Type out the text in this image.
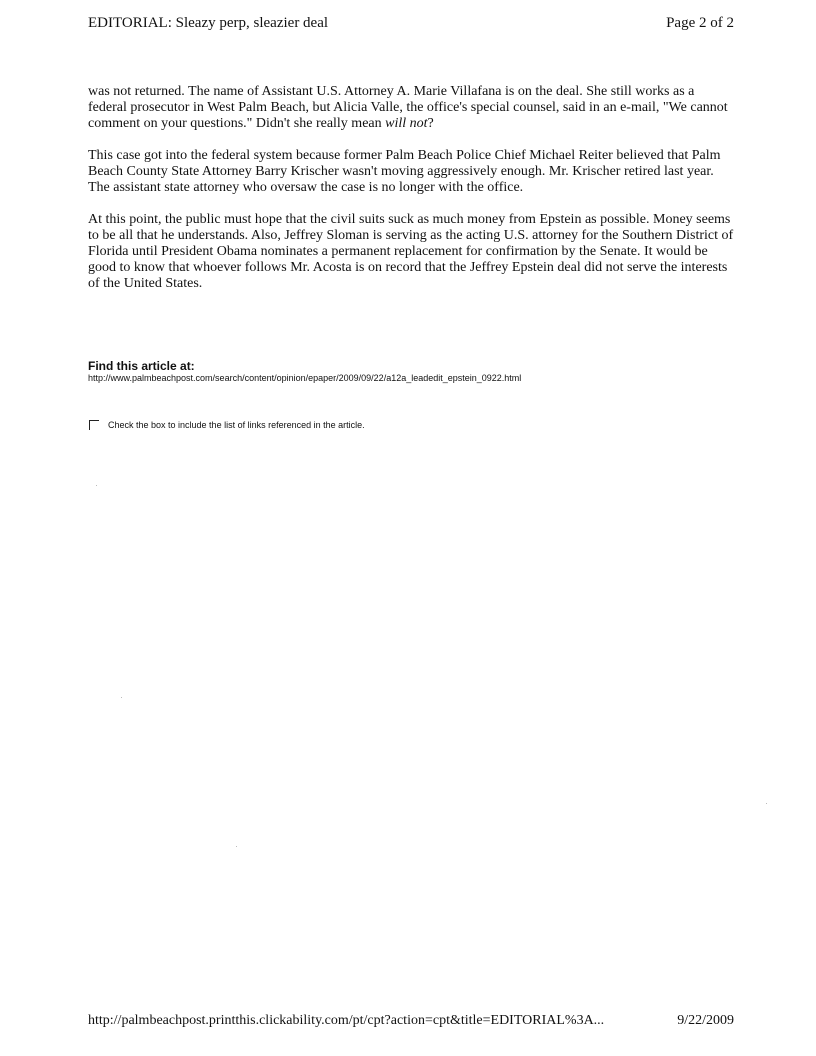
EDITORIAL: Sleazy perp, sleazier deal	Page 2 of 2

was not returned. The name of Assistant U.S. Attorney A. Marie Villafana is on the deal. She still works as a federal prosecutor in West Palm Beach, but Alicia Valle, the office's special counsel, said in an e-mail, "We cannot comment on your questions." Didn't she really mean will not?

This case got into the federal system because former Palm Beach Police Chief Michael Reiter believed that Palm Beach County State Attorney Barry Krischer wasn't moving aggressively enough. Mr. Krischer retired last year. The assistant state attorney who oversaw the case is no longer with the office.

At this point, the public must hope that the civil suits suck as much money from Epstein as possible. Money seems to be all that he understands. Also, Jeffrey Sloman is serving as the acting U.S. attorney for the Southern District of Florida until President Obama nominates a permanent replacement for confirmation by the Senate. It would be good to know that whoever follows Mr. Acosta is on record that the Jeffrey Epstein deal did not serve the interests of the United States.

Find this article at:
http://www.palmbeachpost.com/search/content/opinion/epaper/2009/09/22/a12a_leadedit_epstein_0922.html
Check the box to include the list of links referenced in the article.
http://palmbeachpost.printthis.clickability.com/pt/cpt?action=cpt&title=EDITORIAL%3A...	9/22/2009
